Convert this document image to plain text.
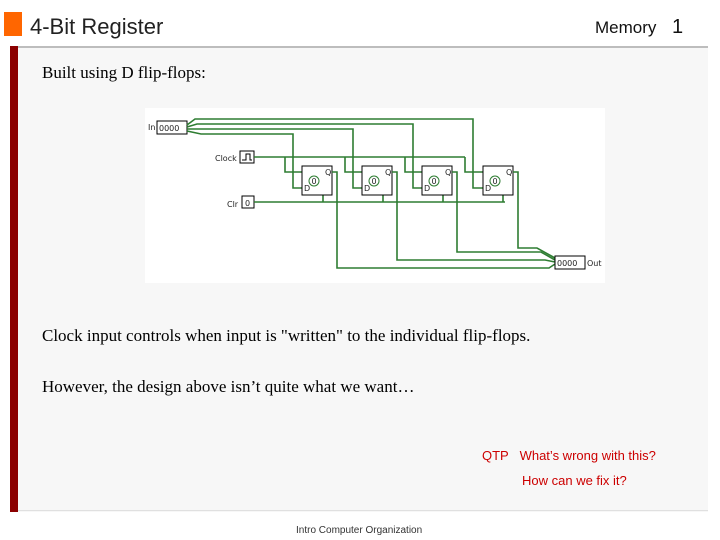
4-Bit Register	Memory 1
Built using D flip-flops:
In 0000
Clock
Clr 0
D
Q
0
D
Q
0
D
Q
0
D
Q
0
0000 Out
Clock input controls when input is "written" to the individual flip-flops.
However, the design above isn’t quite what we want…
QTP What’s wrong with this?
How can we fix it?
Intro Computer Organization
